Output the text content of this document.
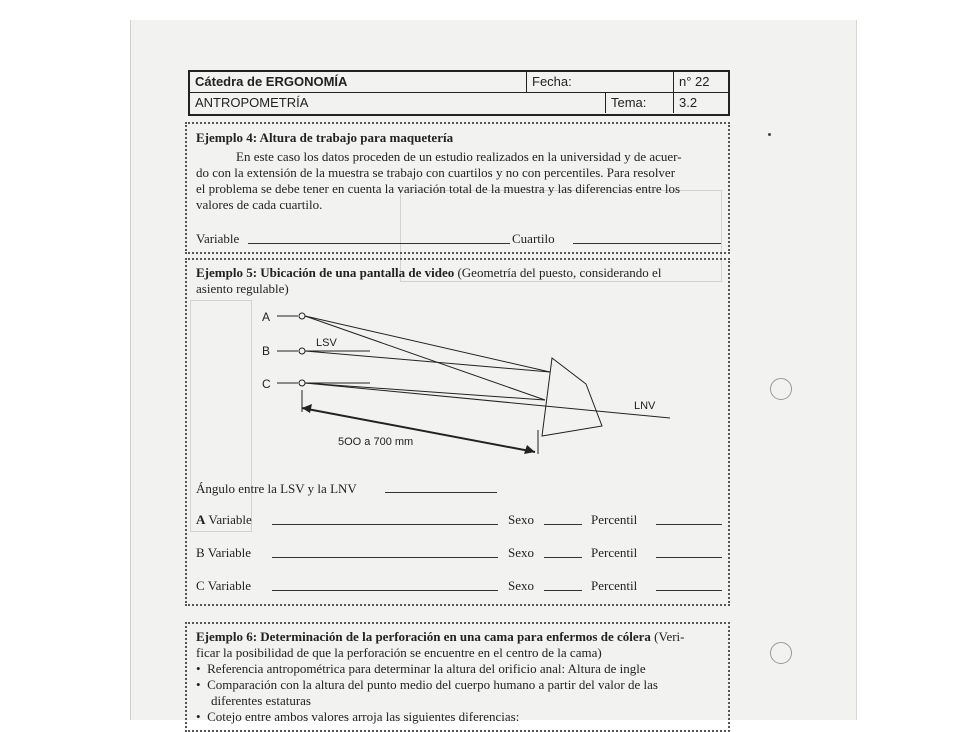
Cátedra de ERGONOMÍA	Fecha:	n° 22
ANTROPOMETRÍA	Tema:	3.2
Ejemplo 4: Altura de trabajo para maquetería
En este caso los datos proceden de un estudio realizados en la universidad y de acuer-
do con la extensión de la muestra se trabajo con cuartilos y no con percentiles. Para resolver
el problema se debe tener en cuenta la variación total de la muestra y las diferencias entre los
valores de cada cuartilo.
Variable	Cuartilo
Ejemplo 5: Ubicación de una pantalla de video (Geometría del puesto, considerando el
asiento regulable)
A
B
C
LSV
LNV
5OO a 700 mm
Ángulo entre la LSV y la LNV
A Variable	Sexo	Percentil
B Variable	Sexo	Percentil
C Variable	Sexo	Percentil
Ejemplo 6: Determinación de la perforación en una cama para enfermos de cólera (Veri-
ficar la posibilidad de que la perforación se encuentre en el centro de la cama)
•  Referencia antropométrica para determinar la altura del orificio anal: Altura de ingle
•  Comparación con la altura del punto medio del cuerpo humano a partir del valor de las
diferentes estaturas
•  Cotejo entre ambos valores arroja las siguientes diferencias:
